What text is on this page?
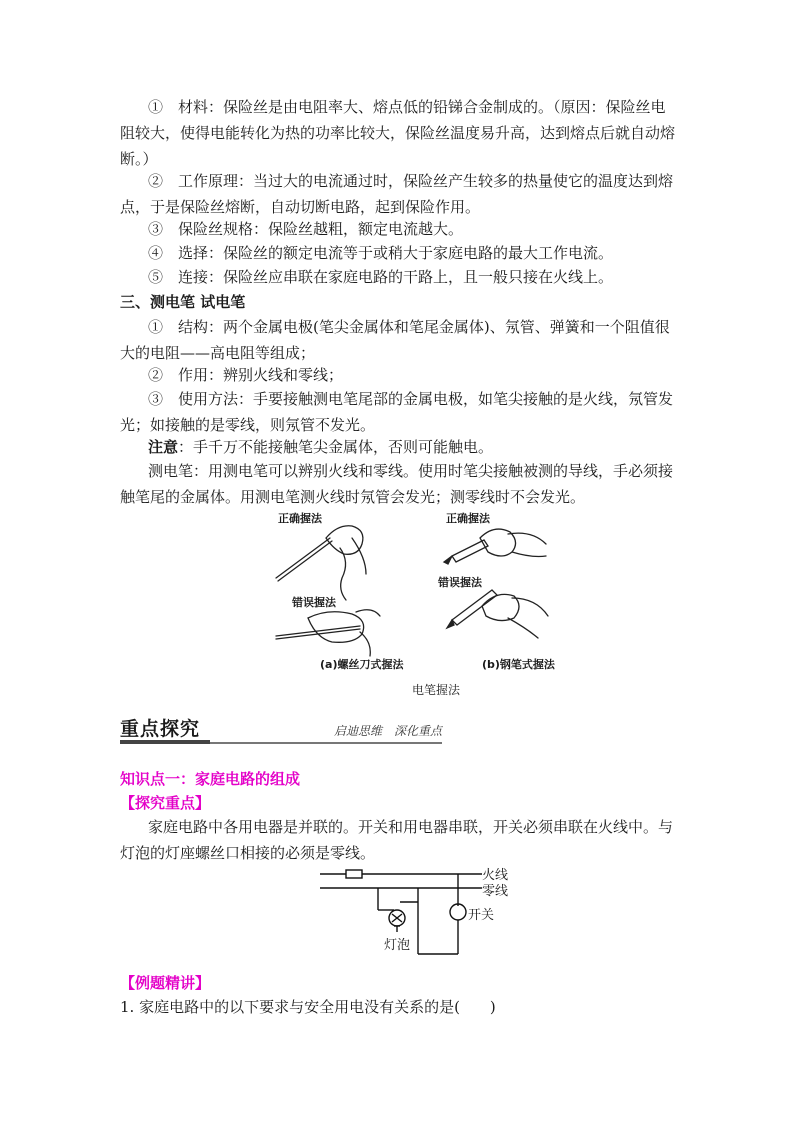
①　材料：保险丝是由电阻率大、熔点低的铅锑合金制成的。（原因：保险丝电阻较大，使得电能转化为热的功率比较大，保险丝温度易升高，达到熔点后就自动熔断。）

②　工作原理：当过大的电流通过时，保险丝产生较多的热量使它的温度达到熔点，于是保险丝熔断，自动切断电路，起到保险作用。

③　保险丝规格：保险丝越粗，额定电流越大。

④　选择：保险丝的额定电流等于或稍大于家庭电路的最大工作电流。

⑤　连接：保险丝应串联在家庭电路的干路上，且一般只接在火线上。

三、测电笔 试电笔

①　结构：两个金属电极(笔尖金属体和笔尾金属体)、氖管、弹簧和一个阻值很大的电阻——高电阻等组成；

②　作用：辨别火线和零线；

③　使用方法：手要接触测电笔尾部的金属电极，如笔尖接触的是火线，氖管发光；如接触的是零线，则氖管不发光。

注意：手千万不能接触笔尖金属体，否则可能触电。

测电笔：用测电笔可以辨别火线和零线。使用时笔尖接触被测的导线，手必须接触笔尾的金属体。用测电笔测火线时氖管会发光；测零线时不会发光。

正确握法	正确握法
错误握法
错误握法
(a)螺丝刀式握法	(b)钢笔式握法
电笔握法
重点探究	启迪思维　深化重点

知识点一：家庭电路的组成

【探究重点】

家庭电路中各用电器是并联的。开关和用电器串联，开关必须串联在火线中。与灯泡的灯座螺丝口相接的必须是零线。

火线
零线
开关
灯泡

【例题精讲】

1. 家庭电路中的以下要求与安全用电没有关系的是(　　)
